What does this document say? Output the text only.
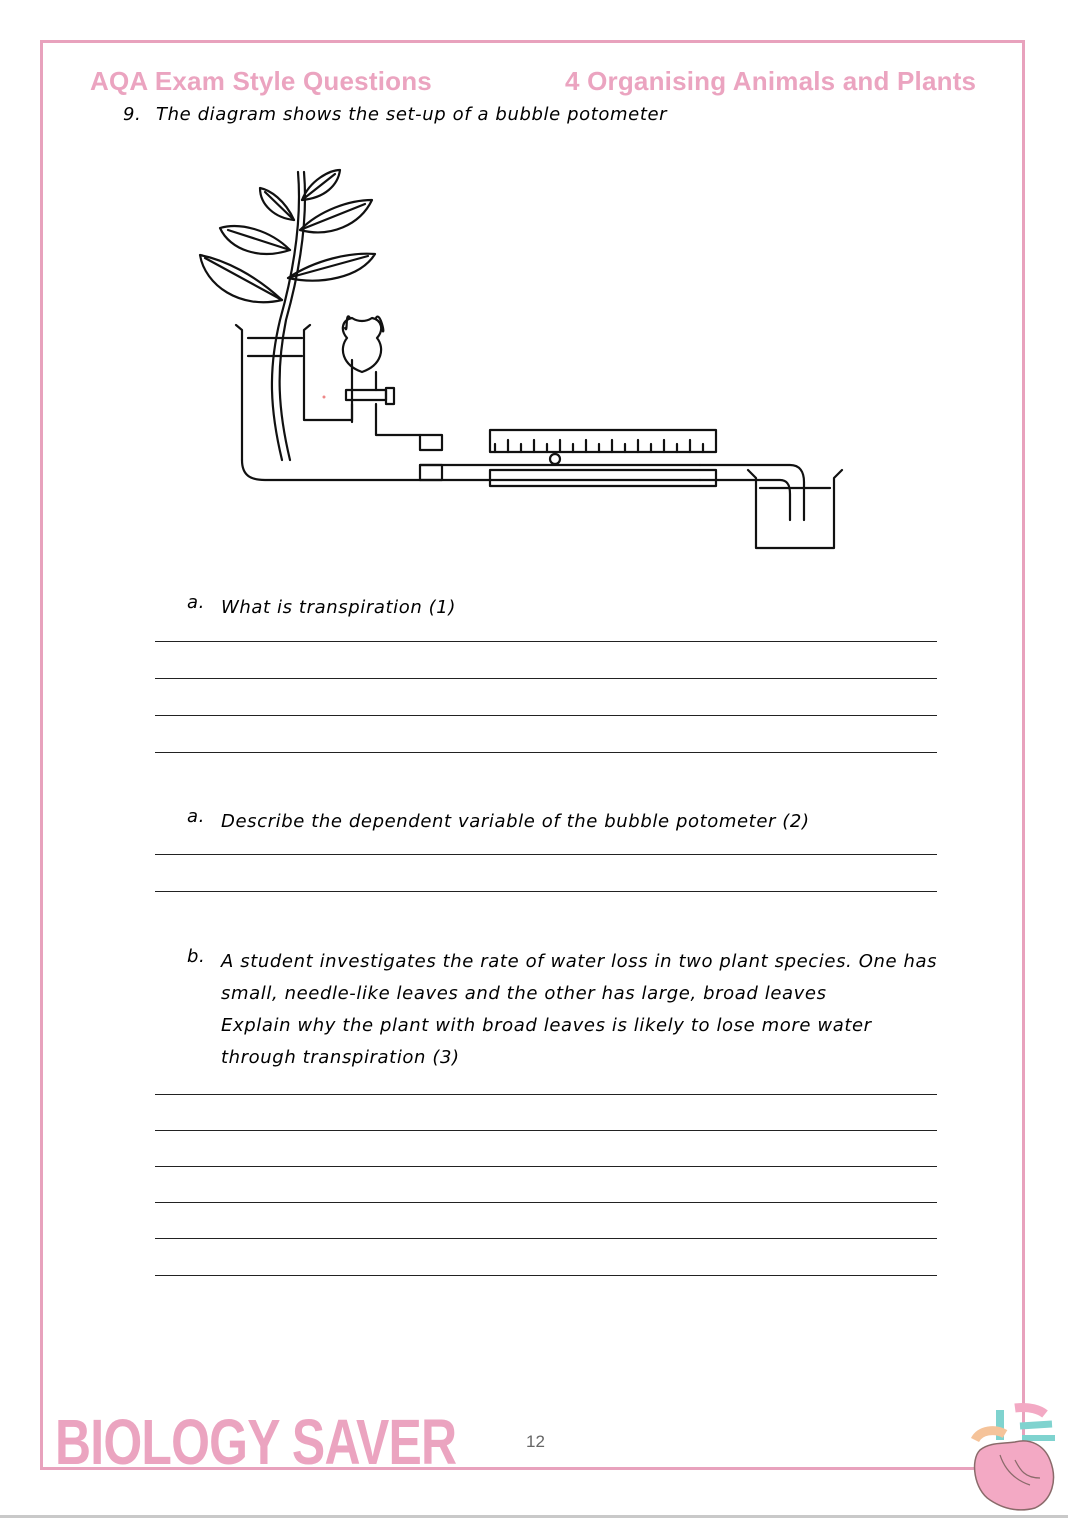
AQA Exam Style Questions	4 Organising Animals and Plants
9. The diagram shows the set-up of a bubble potometer
a. What is transpiration (1)
a. Describe the dependent variable of the bubble potometer (2)
b. A student investigates the rate of water loss in two plant species. One has small, needle-like leaves and the other has large, broad leaves
Explain why the plant with broad leaves is likely to lose more water through transpiration (3)
BIOLOGY SAVER	12
